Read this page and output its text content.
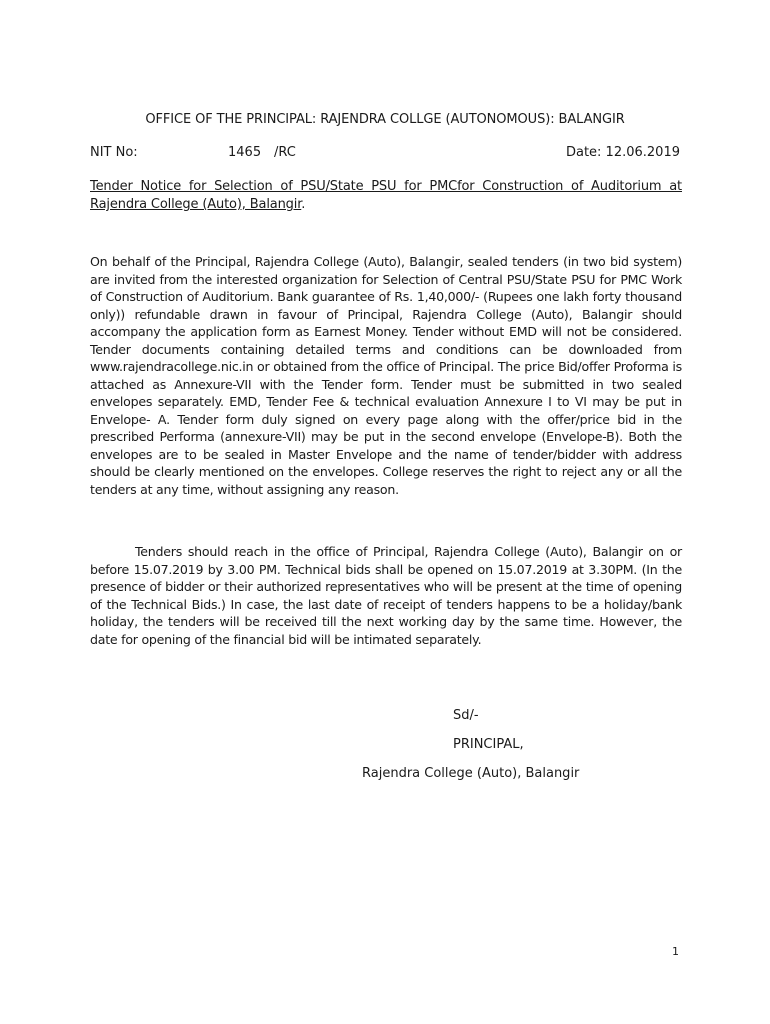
OFFICE OF THE PRINCIPAL: RAJENDRA COLLGE (AUTONOMOUS): BALANGIR
NIT No:	1465 /RC	Date: 12.06.2019
Tender Notice for Selection of PSU/State PSU for PMCfor Construction of Auditorium at Rajendra College (Auto), Balangir.
On behalf of the Principal, Rajendra College (Auto), Balangir, sealed tenders (in two bid system) are invited from the interested organization for Selection of Central PSU/State PSU for PMC Work of Construction of Auditorium. Bank guarantee of Rs. 1,40,000/- (Rupees one lakh forty thousand only)) refundable drawn in favour of Principal, Rajendra College (Auto), Balangir should accompany the application form as Earnest Money. Tender without EMD will not be considered. Tender documents containing detailed terms and conditions can be downloaded from www.rajendracollege.nic.in or obtained from the office of Principal. The price Bid/offer Proforma is attached as Annexure-VII with the Tender form. Tender must be submitted in two sealed envelopes separately. EMD, Tender Fee & technical evaluation Annexure I to VI may be put in Envelope- A. Tender form duly signed on every page along with the offer/price bid in the prescribed Performa (annexure-VII) may be put in the second envelope (Envelope-B). Both the envelopes are to be sealed in Master Envelope and the name of tender/bidder with address should be clearly mentioned on the envelopes. College reserves the right to reject any or all the tenders at any time, without assigning any reason.
Tenders should reach in the office of Principal, Rajendra College (Auto), Balangir on or before 15.07.2019 by 3.00 PM. Technical bids shall be opened on 15.07.2019 at 3.30PM. (In the presence of bidder or their authorized representatives who will be present at the time of opening of the Technical Bids.) In case, the last date of receipt of tenders happens to be a holiday/bank holiday, the tenders will be received till the next working day by the same time. However, the date for opening of the financial bid will be intimated separately.
Sd/-
PRINCIPAL,
Rajendra College (Auto), Balangir
1
